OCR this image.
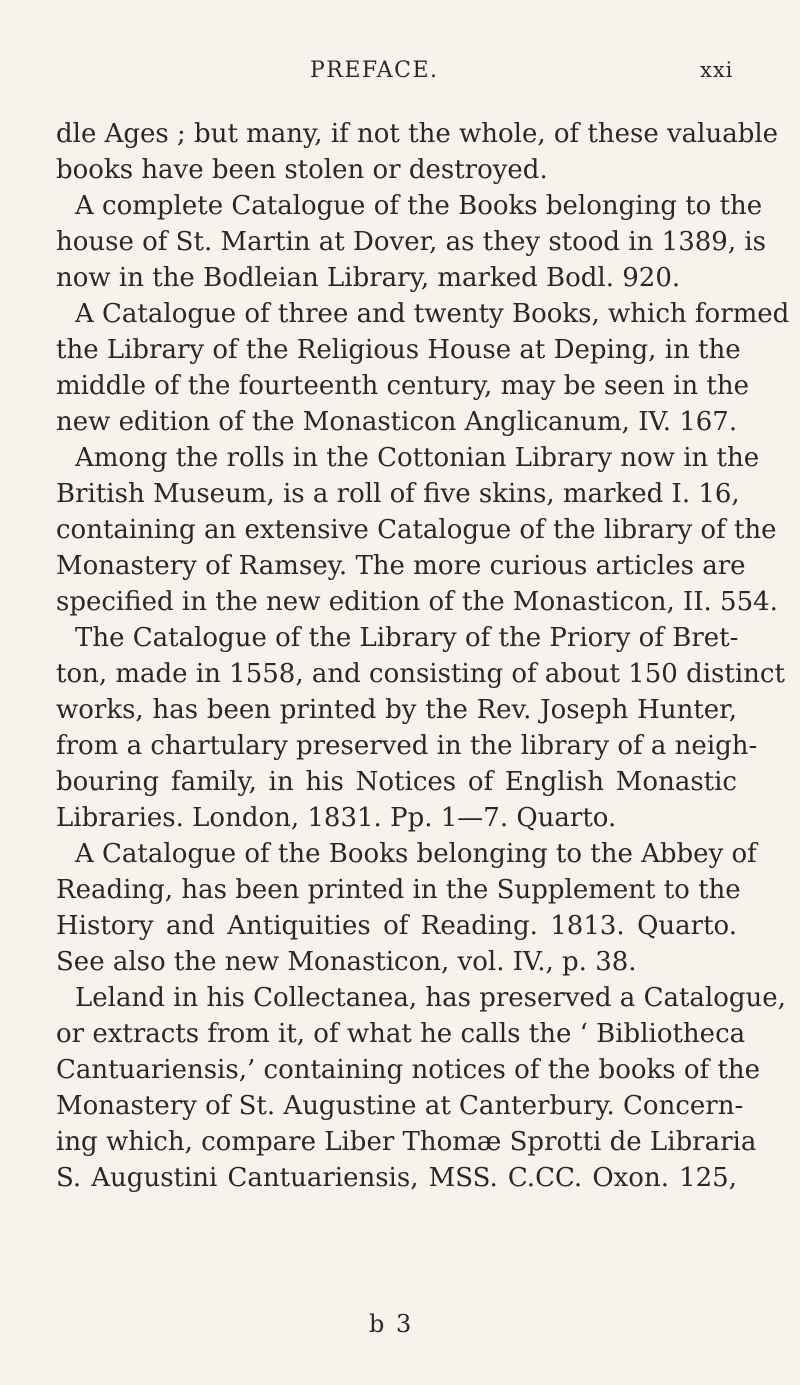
PREFACE.	xxi
dle Ages ; but many, if not the whole, of these valuable
books have been stolen or destroyed.
A complete Catalogue of the Books belonging to the
house of St. Martin at Dover, as they stood in 1389, is
now in the Bodleian Library, marked Bodl. 920.
A Catalogue of three and twenty Books, which formed
the Library of the Religious House at Deping, in the
middle of the fourteenth century, may be seen in the
new edition of the Monasticon Anglicanum, IV. 167.
Among the rolls in the Cottonian Library now in the
British Museum, is a roll of five skins, marked I. 16,
containing an extensive Catalogue of the library of the
Monastery of Ramsey. The more curious articles are
specified in the new edition of the Monasticon, II. 554.
The Catalogue of the Library of the Priory of Bret-
ton, made in 1558, and consisting of about 150 distinct
works, has been printed by the Rev. Joseph Hunter,
from a chartulary preserved in the library of a neigh-
bouring family, in his Notices of English Monastic
Libraries. London, 1831. Pp. 1—7. Quarto.
A Catalogue of the Books belonging to the Abbey of
Reading, has been printed in the Supplement to the
History and Antiquities of Reading. 1813. Quarto.
See also the new Monasticon, vol. IV., p. 38.
Leland in his Collectanea, has preserved a Catalogue,
or extracts from it, of what he calls the ‘ Bibliotheca
Cantuariensis,’ containing notices of the books of the
Monastery of St. Augustine at Canterbury. Concern-
ing which, compare Liber Thomæ Sprotti de Libraria
S. Augustini Cantuariensis, MSS. C.CC. Oxon. 125,
b 3
